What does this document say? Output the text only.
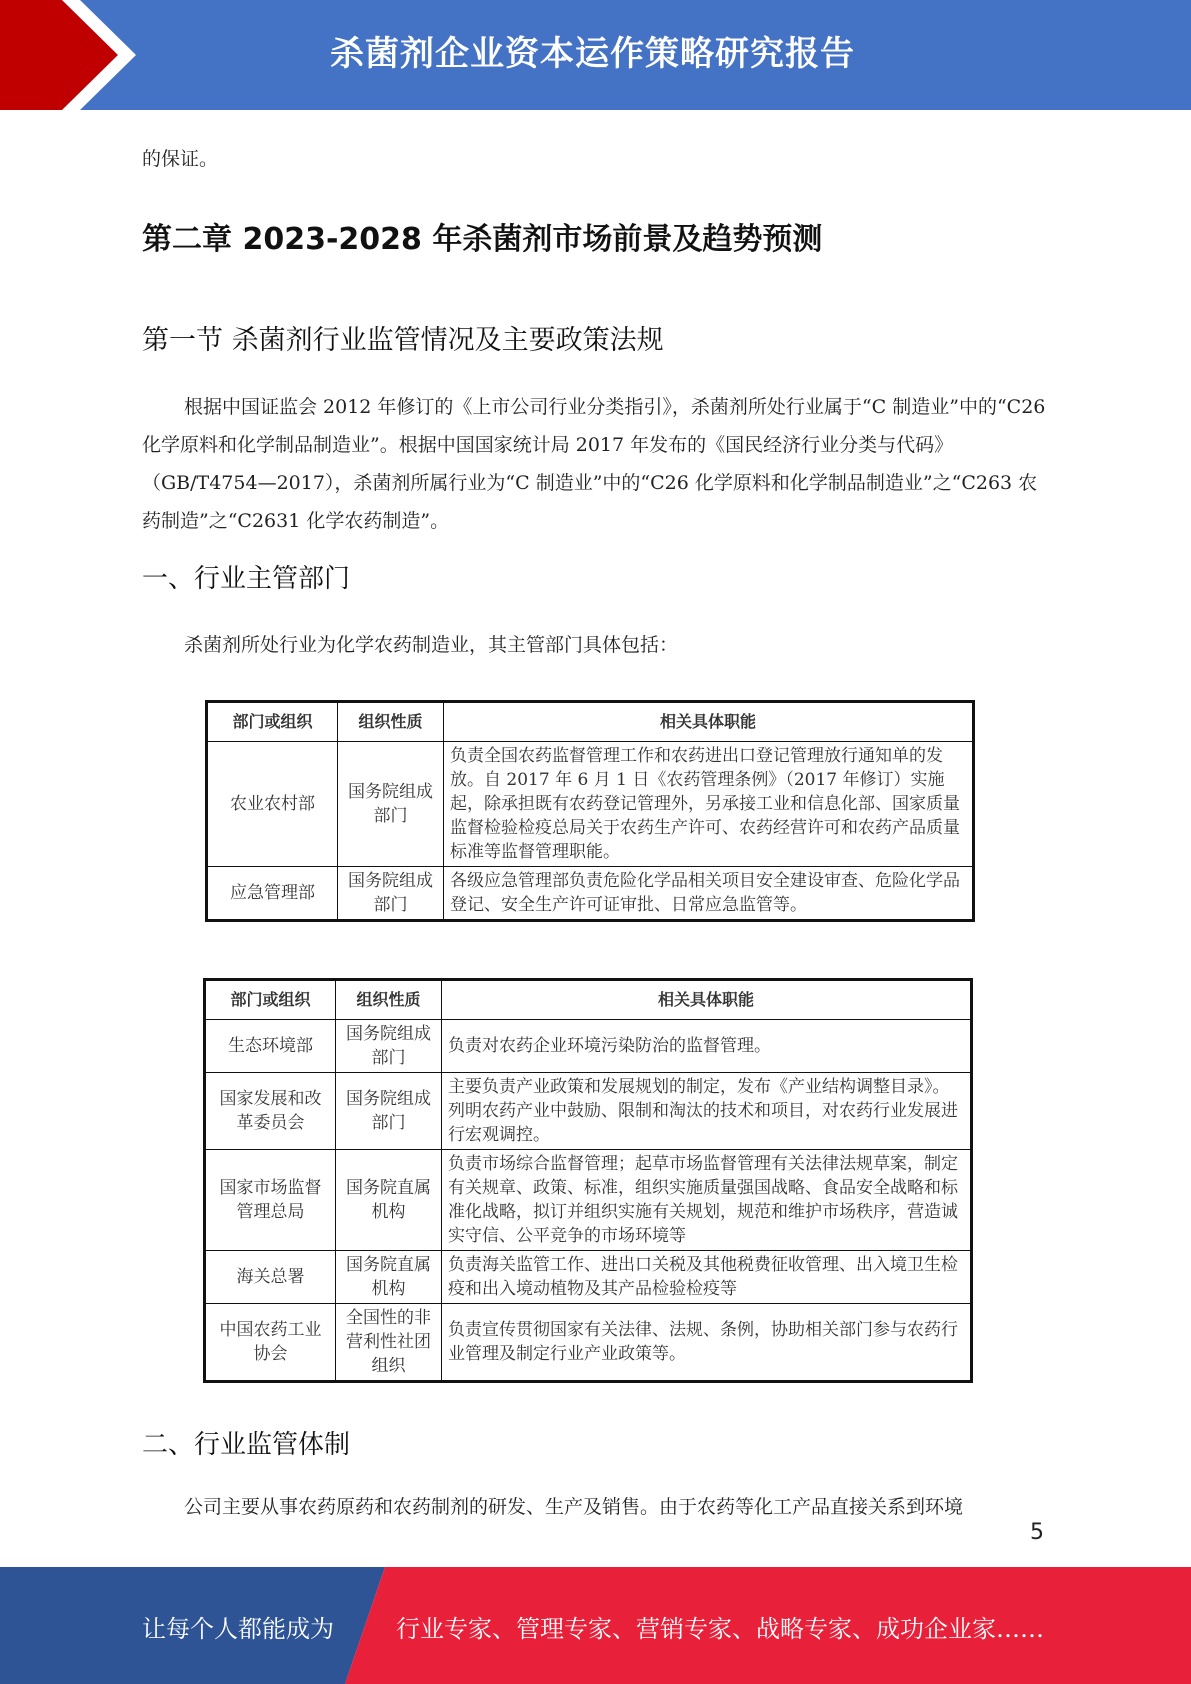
杀菌剂企业资本运作策略研究报告

的保证。

第二章 2023-2028 年杀菌剂市场前景及趋势预测
第一节 杀菌剂行业监管情况及主要政策法规

根据中国证监会 2012 年修订的《上市公司行业分类指引》，杀菌剂所处行业属于“C 制造业”中的“C26 化学原料和化学制品制造业”。根据中国国家统计局 2017 年发布的《国民经济行业分类与代码》（GB/T4754—2017），杀菌剂所属行业为“C 制造业”中的“C26 化学原料和化学制品制造业”之“C263 农药制造”之“C2631 化学农药制造”。

一、行业主管部门

杀菌剂所处行业为化学农药制造业，其主管部门具体包括：

部门或组织	组织性质	相关具体职能
农业农村部	国务院组成部门	负责全国农药监督管理工作和农药进出口登记管理放行通知单的发放。自 2017 年 6 月 1 日《农药管理条例》（2017 年修订）实施起，除承担既有农药登记管理外，另承接工业和信息化部、国家质量监督检验检疫总局关于农药生产许可、农药经营许可和农药产品质量标准等监督管理职能。
应急管理部	国务院组成部门	各级应急管理部负责危险化学品相关项目安全建设审查、危险化学品登记、安全生产许可证审批、日常应急监管等。
部门或组织	组织性质	相关具体职能
生态环境部	国务院组成部门	负责对农药企业环境污染防治的监督管理。
国家发展和改革委员会	国务院组成部门	主要负责产业政策和发展规划的制定，发布《产业结构调整目录》。列明农药产业中鼓励、限制和淘汰的技术和项目，对农药行业发展进行宏观调控。
国家市场监督管理总局	国务院直属机构	负责市场综合监督管理；起草市场监督管理有关法律法规草案，制定有关规章、政策、标准，组织实施质量强国战略、食品安全战略和标准化战略，拟订并组织实施有关规划，规范和维护市场秩序，营造诚实守信、公平竞争的市场环境等
海关总署	国务院直属机构	负责海关监管工作、进出口关税及其他税费征收管理、出入境卫生检疫和出入境动植物及其产品检验检疫等
中国农药工业协会	全国性的非营利性社团组织	负责宣传贯彻国家有关法律、法规、条例，协助相关部门参与农药行业管理及制定行业产业政策等。
二、行业监管体制

公司主要从事农药原药和农药制剂的研发、生产及销售。由于农药等化工产品直接关系到环境

5
让每个人都能成为	行业专家、管理专家、营销专家、战略专家、成功企业家……
